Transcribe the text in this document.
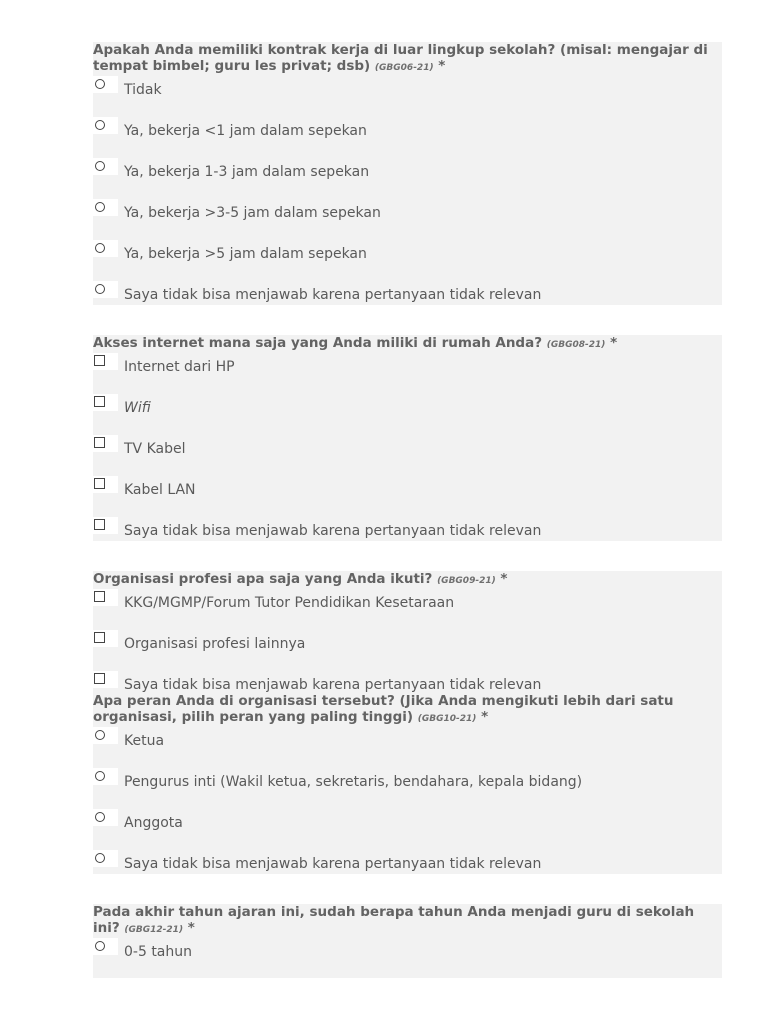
Apakah Anda memiliki kontrak kerja di luar lingkup sekolah? (misal: mengajar di tempat bimbel; guru les privat; dsb) (GBG06-21) *

Tidak
Ya, bekerja <1 jam dalam sepekan
Ya, bekerja 1-3 jam dalam sepekan
Ya, bekerja >3-5 jam dalam sepekan
Ya, bekerja >5 jam dalam sepekan
Saya tidak bisa menjawab karena pertanyaan tidak relevan

Akses internet mana saja yang Anda miliki di rumah Anda? (GBG08-21) *

Internet dari HP
Wifi
TV Kabel
Kabel LAN
Saya tidak bisa menjawab karena pertanyaan tidak relevan

Organisasi profesi apa saja yang Anda ikuti? (GBG09-21) *

KKG/MGMP/Forum Tutor Pendidikan Kesetaraan
Organisasi profesi lainnya
Saya tidak bisa menjawab karena pertanyaan tidak relevan

Apa peran Anda di organisasi tersebut? (Jika Anda mengikuti lebih dari satu organisasi, pilih peran yang paling tinggi) (GBG10-21) *

Ketua
Pengurus inti (Wakil ketua, sekretaris, bendahara, kepala bidang)
Anggota
Saya tidak bisa menjawab karena pertanyaan tidak relevan

Pada akhir tahun ajaran ini, sudah berapa tahun Anda menjadi guru di sekolah ini? (GBG12-21) *

0-5 tahun
